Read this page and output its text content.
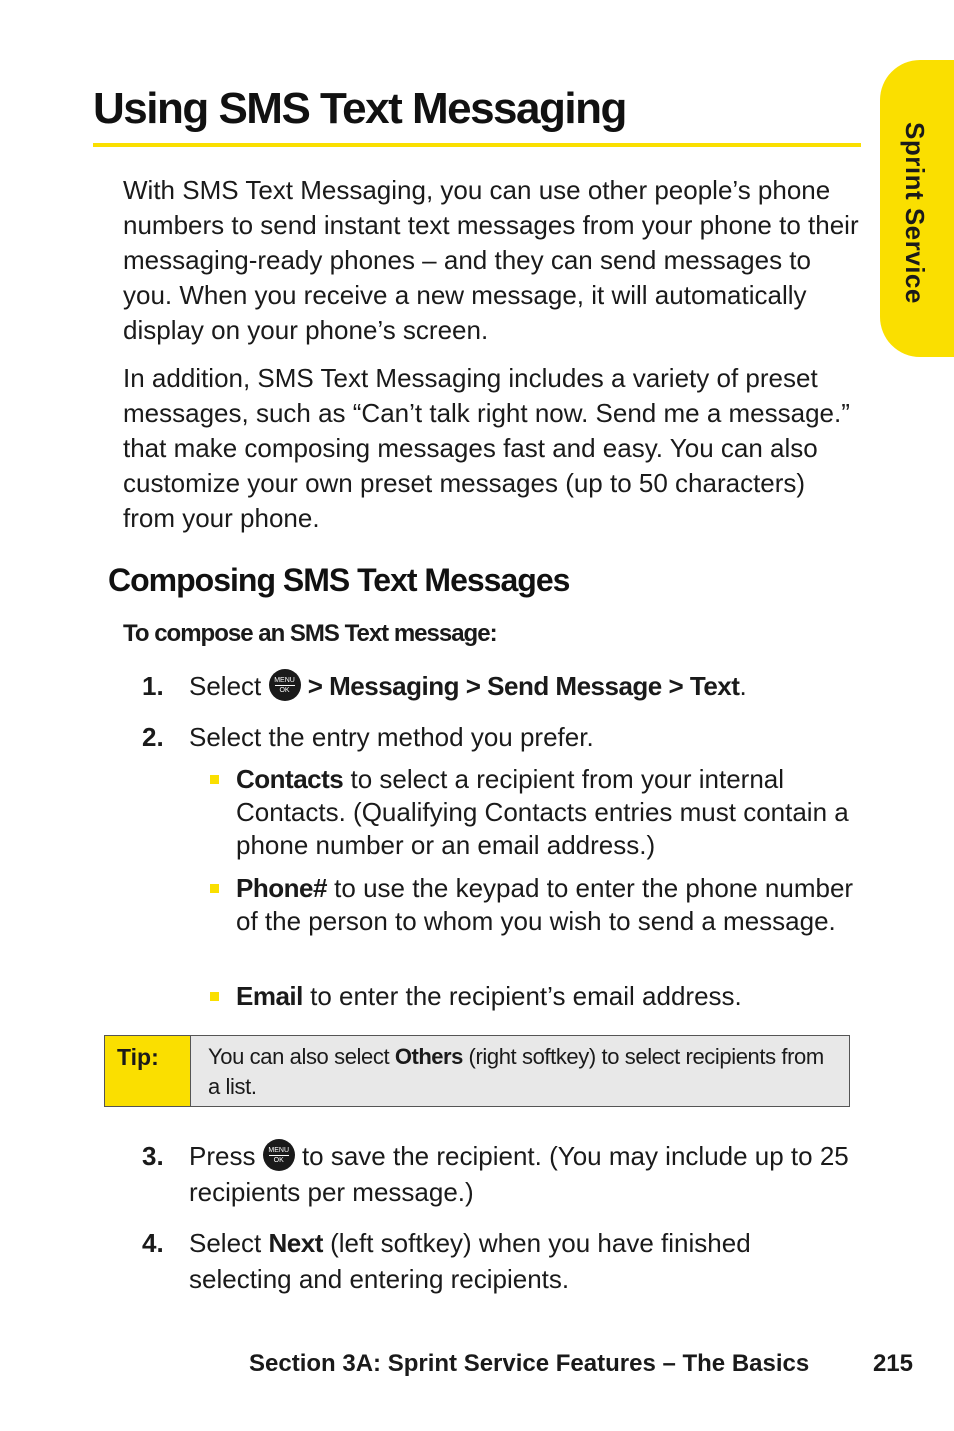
Sprint Service
Using SMS Text Messaging

With SMS Text Messaging, you can use other people’s phone numbers to send instant text messages from your phone to their messaging-ready phones – and they can send messages to you. When you receive a new message, it will automatically display on your phone’s screen.

In addition, SMS Text Messaging includes a variety of preset messages, such as “Can’t talk right now. Send me a message.” that make composing messages fast and easy. You can also customize your own preset messages (up to 50 characters) from your phone.

Composing SMS Text Messages
To compose an SMS Text message:
1. Select	MENU
OK > Messaging > Send Message > Text.
2. Select the entry method you prefer.
Contacts to select a recipient from your internal Contacts. (Qualifying Contacts entries must contain a phone number or an email address.)
Phone# to use the keypad to enter the phone number of the person to whom you wish to send a message.
Email to enter the recipient’s email address.
Tip: You can also select Others (right softkey) to select recipients from a list.
3. Press	MENU
OK to save the recipient. (You may include up to 25 recipients per message.)
4. Select Next (left softkey) when you have finished selecting and entering recipients.
Section 3A: Sprint Service Features – The Basics	215
